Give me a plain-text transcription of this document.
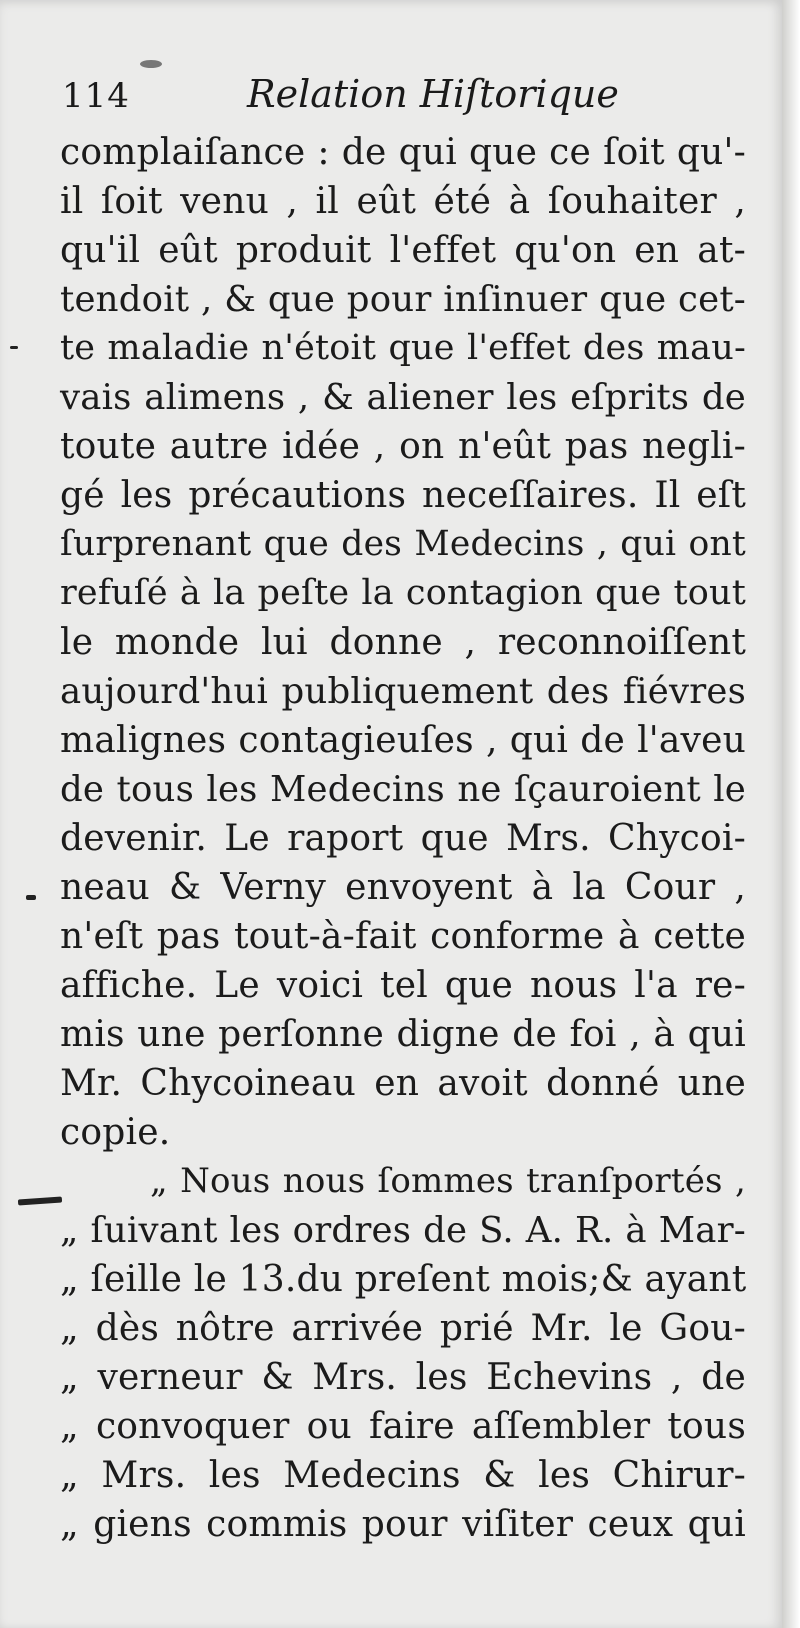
114	Relation Hiſtorique
complaiſance : de qui que ce ſoit qu'-
il ſoit venu , il eût été à ſouhaiter ,
qu'il eût produit l'effet qu'on en at-
tendoit , & que pour inſinuer que cet-
te maladie n'étoit que l'effet des mau-
vais alimens , & aliener les eſprits de
toute autre idée , on n'eût pas negli-
gé les précautions neceſſaires. Il eſt
ſurprenant que des Medecins , qui ont
refuſé à la peſte la contagion que tout
le monde lui donne , reconnoiſſent
aujourd'hui publiquement des fiévres
malignes contagieuſes , qui de l'aveu
de tous les Medecins ne ſçauroient le
devenir. Le raport que Mrs. Chycoi-
neau & Verny envoyent à la Cour ,
n'eſt pas tout-à-fait conforme à cette
affiche. Le voici tel que nous l'a re-
mis une perſonne digne de foi , à qui
Mr. Chycoineau en avoit donné une
copie.
„ Nous nous ſommes tranſportés ,
„ ſuivant les ordres de S. A. R. à Mar-
„ ſeille le 13.du preſent mois;& ayant
„ dès nôtre arrivée prié Mr. le Gou-
„ verneur & Mrs. les Echevins , de
„ convoquer ou faire aſſembler tous
„ Mrs. les Medecins & les Chirur-
„ giens commis pour viſiter ceux qui
